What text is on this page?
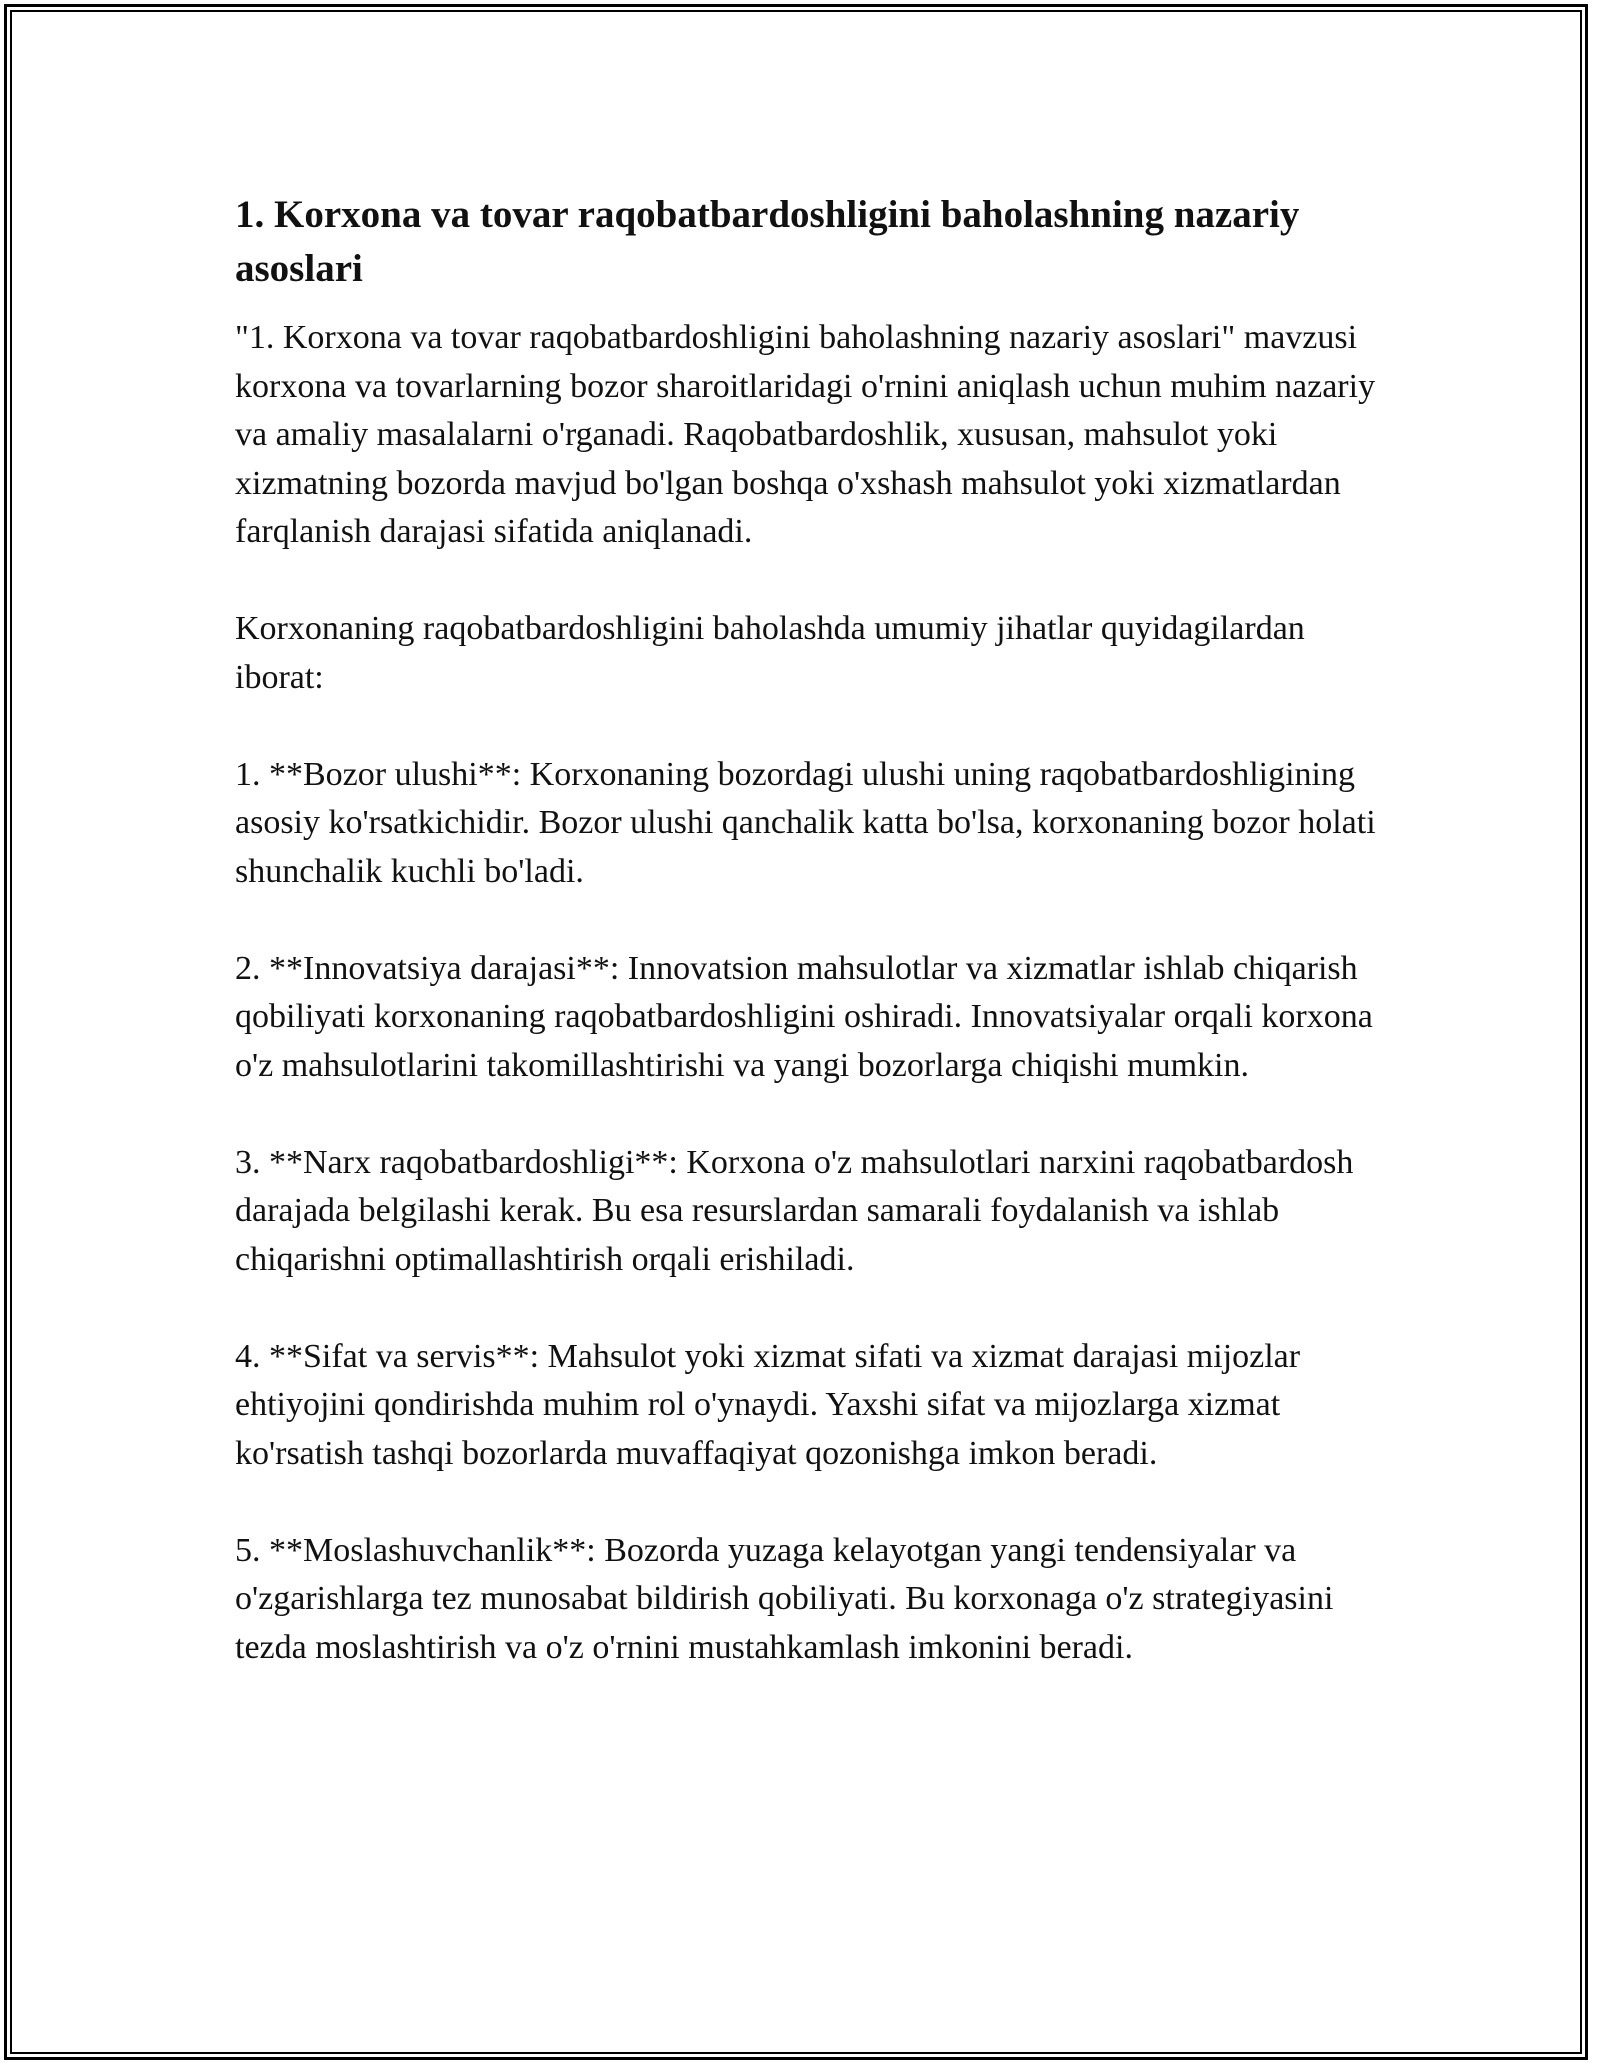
1. Korxona va tovar raqobatbardoshligini baholashning nazariy asoslari

"1. Korxona va tovar raqobatbardoshligini baholashning nazariy asoslari" mavzusi korxona va tovarlarning bozor sharoitlaridagi o'rnini aniqlash uchun muhim nazariy va amaliy masalalarni o'rganadi. Raqobatbardoshlik, xususan, mahsulot yoki xizmatning bozorda mavjud bo'lgan boshqa o'xshash mahsulot yoki xizmatlardan farqlanish darajasi sifatida aniqlanadi.

Korxonaning raqobatbardoshligini baholashda umumiy jihatlar quyidagilardan iborat:

1. **Bozor ulushi**: Korxonaning bozordagi ulushi uning raqobatbardoshligining asosiy ko'rsatkichidir. Bozor ulushi qanchalik katta bo'lsa, korxonaning bozor holati shunchalik kuchli bo'ladi.

2. **Innovatsiya darajasi**: Innovatsion mahsulotlar va xizmatlar ishlab chiqarish qobiliyati korxonaning raqobatbardoshligini oshiradi. Innovatsiyalar orqali korxona o'z mahsulotlarini takomillashtirishi va yangi bozorlarga chiqishi mumkin.

3. **Narx raqobatbardoshligi**: Korxona o'z mahsulotlari narxini raqobatbardosh darajada belgilashi kerak. Bu esa resurslardan samarali foydalanish va ishlab chiqarishni optimallashtirish orqali erishiladi.

4. **Sifat va servis**: Mahsulot yoki xizmat sifati va xizmat darajasi mijozlar ehtiyojini qondirishda muhim rol o'ynaydi. Yaxshi sifat va mijozlarga xizmat ko'rsatish tashqi bozorlarda muvaffaqiyat qozonishga imkon beradi.

5. **Moslashuvchanlik**: Bozorda yuzaga kelayotgan yangi tendensiyalar va o'zgarishlarga tez munosabat bildirish qobiliyati. Bu korxonaga o'z strategiyasini tezda moslashtirish va o'z o'rnini mustahkamlash imkonini beradi.
